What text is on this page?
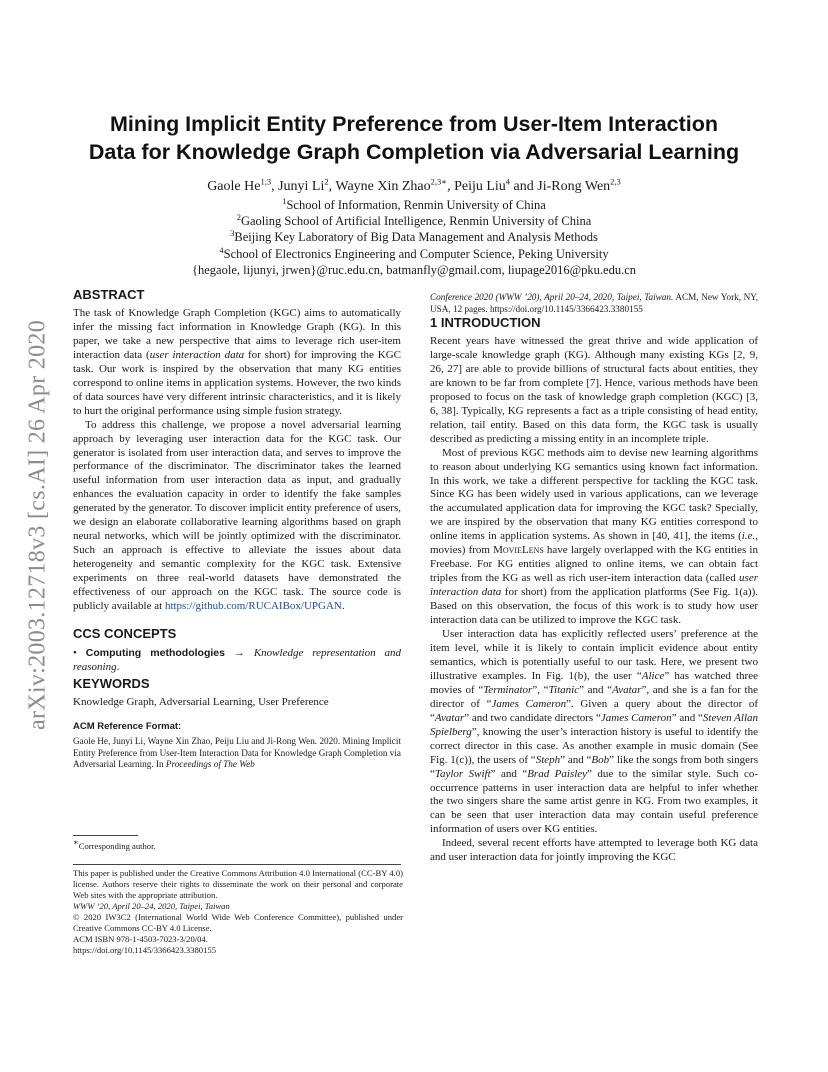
arXiv:2003.12718v3 [cs.AI] 26 Apr 2020
Mining Implicit Entity Preference from User-Item Interaction
Data for Knowledge Graph Completion via Adversarial Learning
Gaole He$^{1,3}$, Junyi Li$^2$, Wayne Xin Zhao$^{2,3∗}$, Peiju Liu$^4$ and Ji-Rong Wen$^{2,3}$
$^1$School of Information, Renmin University of China
$^2$Gaoling School of Artificial Intelligence, Renmin University of China
$^3$Beijing Key Laboratory of Big Data Management and Analysis Methods
$^4$School of Electronics Engineering and Computer Science, Peking University
{hegaole, lijunyi, jrwen}@ruc.edu.cn, batmanfly@gmail.com, liupage2016@pku.edu.cn
ABSTRACT

The task of Knowledge Graph Completion (KGC) aims to automatically infer the missing fact information in Knowledge Graph (KG). In this paper, we take a new perspective that aims to leverage rich user-item interaction data (user interaction data for short) for improving the KGC task. Our work is inspired by the observation that many KG entities correspond to online items in application systems. However, the two kinds of data sources have very different intrinsic characteristics, and it is likely to hurt the original performance using simple fusion strategy.

To address this challenge, we propose a novel adversarial learning approach by leveraging user interaction data for the KGC task. Our generator is isolated from user interaction data, and serves to improve the performance of the discriminator. The discriminator takes the learned useful information from user interaction data as input, and gradually enhances the evaluation capacity in order to identify the fake samples generated by the generator. To discover implicit entity preference of users, we design an elaborate collaborative learning algorithms based on graph neural networks, which will be jointly optimized with the discriminator. Such an approach is effective to alleviate the issues about data heterogeneity and semantic complexity for the KGC task. Extensive experiments on three real-world datasets have demonstrated the effectiveness of our approach on the KGC task. The source code is publicly available at https://github.com/RUCAIBox/UPGAN.

CCS CONCEPTS

• Computing methodologies → Knowledge representation and reasoning.

KEYWORDS

Knowledge Graph, Adversarial Learning, User Preference

ACM Reference Format:

Gaole He, Junyi Li, Wayne Xin Zhao, Peiju Liu and Ji-Rong Wen. 2020. Mining Implicit Entity Preference from User-Item Interaction Data for Knowledge Graph Completion via Adversarial Learning. In Proceedings of The Web

∗Corresponding author.

This paper is published under the Creative Commons Attribution 4.0 International (CC-BY 4.0) license. Authors reserve their rights to disseminate the work on their personal and corporate Web sites with the appropriate attribution.

WWW ’20, April 20–24, 2020, Taipei, Taiwan

© 2020 IW3C2 (International World Wide Web Conference Committee), published under Creative Commons CC-BY 4.0 License.

ACM ISBN 978-1-4503-7023-3/20/04.

https://doi.org/10.1145/3366423.3380155

Conference 2020 (WWW ’20), April 20–24, 2020, Taipei, Taiwan. ACM, New York, NY, USA, 12 pages. https://doi.org/10.1145/3366423.3380155

1 INTRODUCTION

Recent years have witnessed the great thrive and wide application of large-scale knowledge graph (KG). Although many existing KGs [2, 9, 26, 27] are able to provide billions of structural facts about entities, they are known to be far from complete [7]. Hence, various methods have been proposed to focus on the task of knowledge graph completion (KGC) [3, 6, 38]. Typically, KG represents a fact as a triple consisting of head entity, relation, tail entity. Based on this data form, the KGC task is usually described as predicting a missing entity in an incomplete triple.

Most of previous KGC methods aim to devise new learning algorithms to reason about underlying KG semantics using known fact information. In this work, we take a different perspective for tackling the KGC task. Since KG has been widely used in various applications, can we leverage the accumulated application data for improving the KGC task? Specially, we are inspired by the observation that many KG entities correspond to online items in application systems. As shown in [40, 41], the items (i.e., movies) from MovieLens have largely overlapped with the KG entities in Freebase. For KG entities aligned to online items, we can obtain fact triples from the KG as well as rich user-item interaction data (called user interaction data for short) from the application platforms (See Fig. 1(a)). Based on this observation, the focus of this work is to study how user interaction data can be utilized to improve the KGC task.

User interaction data has explicitly reflected users’ preference at the item level, while it is likely to contain implicit evidence about entity semantics, which is potentially useful to our task. Here, we present two illustrative examples. In Fig. 1(b), the user “Alice” has watched three movies of “Terminator”, “Titanic” and “Avatar”, and she is a fan for the director of “James Cameron”. Given a query about the director of “Avatar” and two candidate directors “James Cameron” and “Steven Allan Spielberg”, knowing the user’s interaction history is useful to identify the correct director in this case. As another example in music domain (See Fig. 1(c)), the users of “Steph” and “Bob” like the songs from both singers “Taylor Swift” and “Brad Paisley” due to the similar style. Such co-occurrence patterns in user interaction data are helpful to infer whether the two singers share the same artist genre in KG. From two examples, it can be seen that user interaction data may contain useful preference information of users over KG entities.

Indeed, several recent efforts have attempted to leverage both KG data and user interaction data for jointly improving the KGC
